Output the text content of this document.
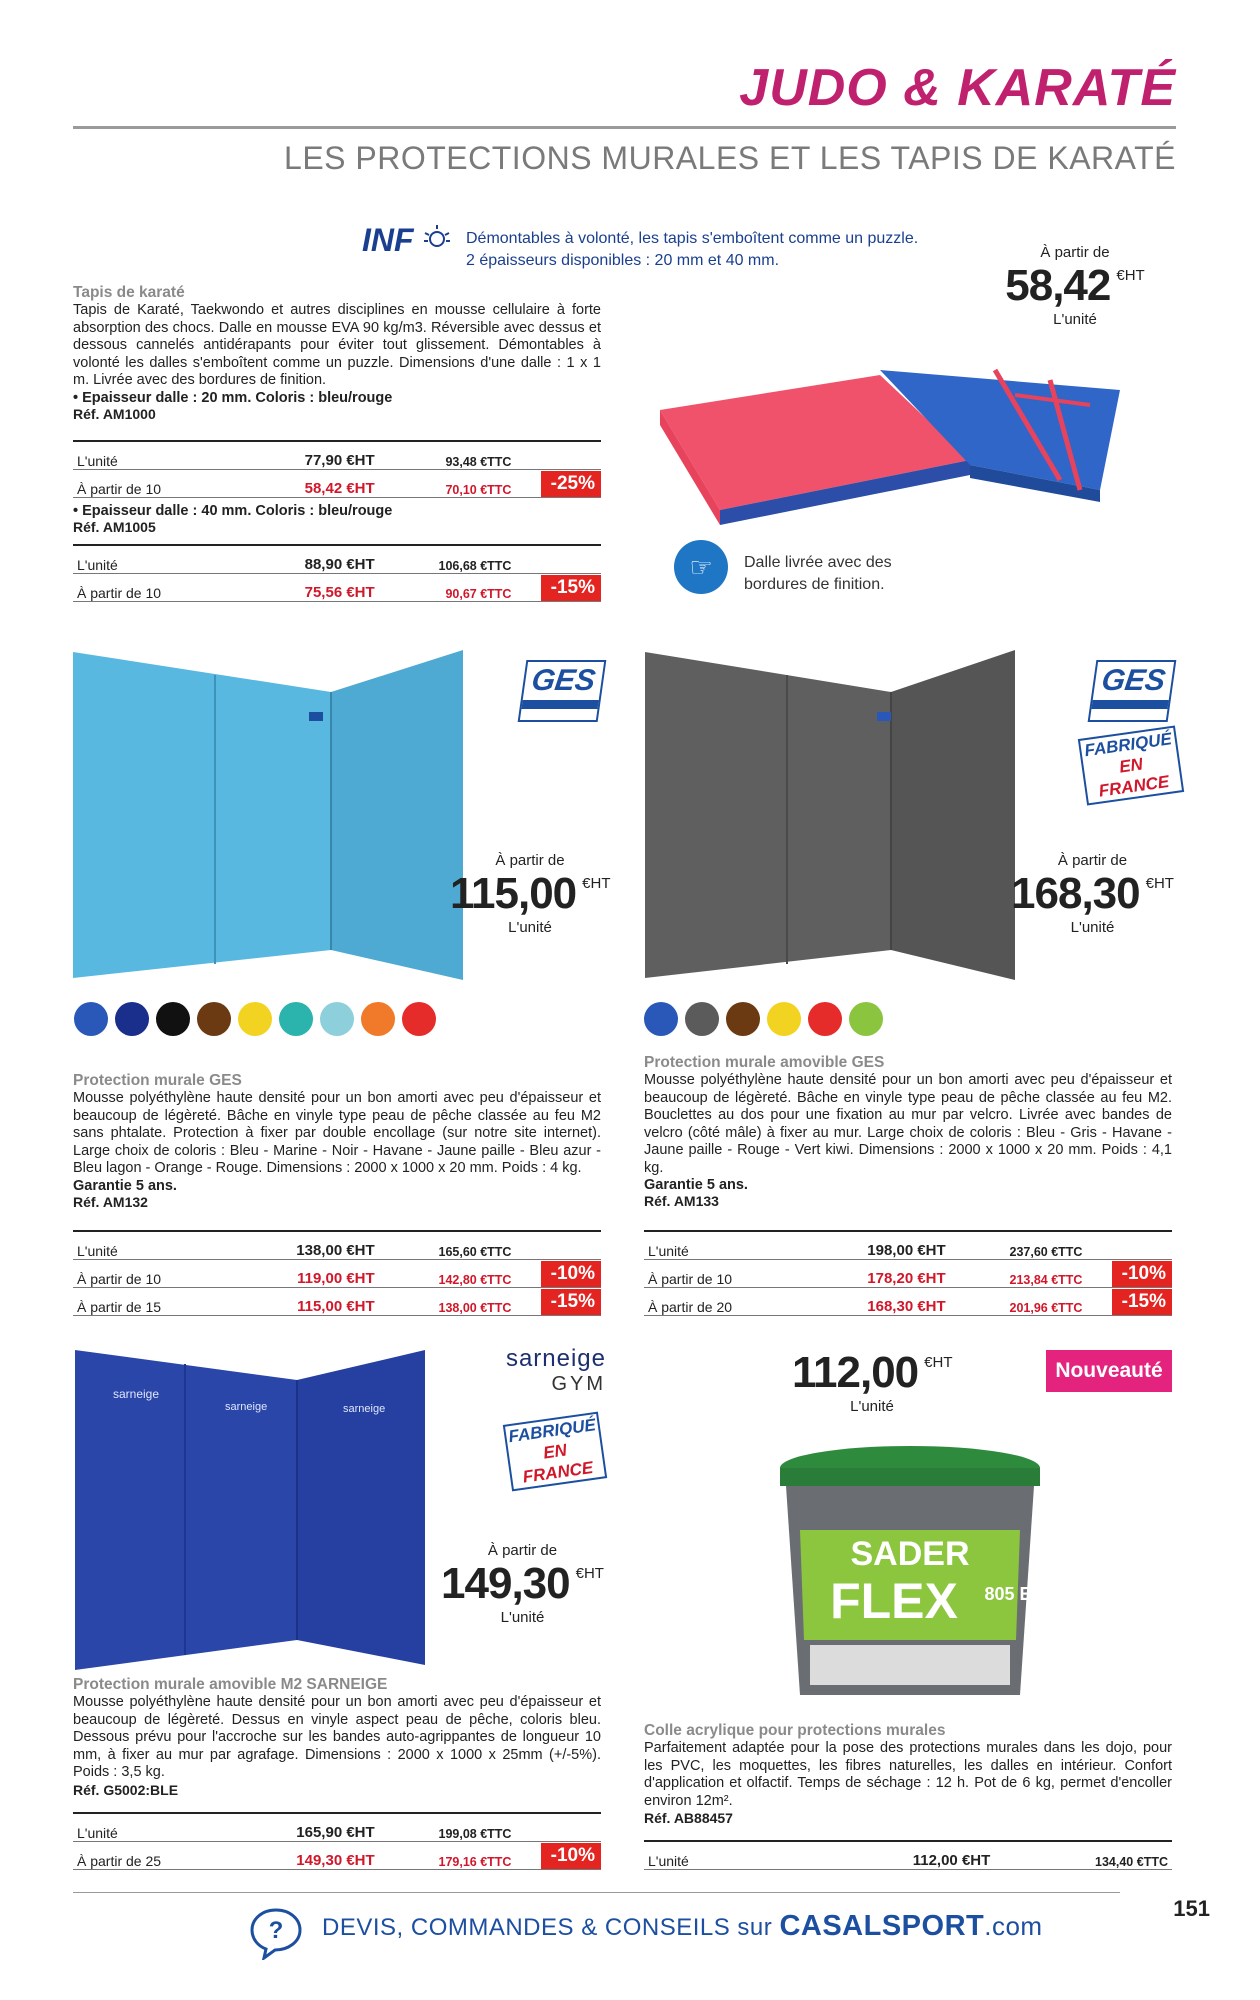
JUDO & KARATÉ
LES PROTECTIONS MURALES ET LES TAPIS DE KARATÉ
INF	Démontables à volonté, les tapis s'emboîtent comme un puzzle.
2 épaisseurs disponibles : 20 mm et 40 mm.	À partir de
58,42 €HT
L'unité
☞	Dalle livrée avec des
bordures de finition.
Tapis de karaté
Tapis de Karaté, Taekwondo et autres disciplines en mousse cellulaire à forte absorption des chocs. Dalle en mousse EVA 90 kg/m3. Réversible avec dessus et dessous cannelés antidérapants pour éviter tout glissement. Démontables à volonté les dalles s'emboîtent comme un puzzle. Dimensions d'une dalle : 1 x 1 m. Livrée avec des bordures de finition.
• Epaisseur dalle : 20 mm. Coloris : bleu/rouge
Réf. AM1000
L'unité	77,90 €HT	93,48 €TTC	
À partir de 10	58,42 €HT	70,10 €TTC	-25%
• Epaisseur dalle : 40 mm. Coloris : bleu/rouge
Réf. AM1005
L'unité	88,90 €HT	106,68 €TTC	
À partir de 10	75,56 €HT	90,67 €TTC	-15%
GES

À partir de
115,00 €HT
L'unité
Protection murale GES
Mousse polyéthylène haute densité pour un bon amorti avec peu d'épaisseur et beaucoup de légèreté. Bâche en vinyle type peau de pêche classée au feu M2 sans phtalate. Protection à fixer par double encollage (sur notre site internet). Large choix de coloris : Bleu - Marine - Noir - Havane - Jaune paille - Bleu azur - Bleu lagon - Orange - Rouge. Dimensions : 2000 x 1000 x 20 mm. Poids : 4 kg.
Garantie 5 ans.
Réf. AM132
L'unité	138,00 €HT	165,60 €TTC	
À partir de 10	119,00 €HT	142,80 €TTC	-10%
À partir de 15	115,00 €HT	138,00 €TTC	-15%
GES

FABRIQUÉ
EN FRANCE
À partir de
168,30 €HT
L'unité
Protection murale amovible GES
Mousse polyéthylène haute densité pour un bon amorti avec peu d'épaisseur et beaucoup de légèreté. Bâche en vinyle type peau de pêche classée au feu M2. Bouclettes au dos pour une fixation au mur par velcro. Livrée avec bandes de velcro (côté mâle) à fixer au mur. Large choix de coloris : Bleu - Gris - Havane - Jaune paille - Rouge - Vert kiwi. Dimensions : 2000 x 1000 x 20 mm. Poids : 4,1 kg.
Garantie 5 ans.
Réf. AM133
L'unité	198,00 €HT	237,60 €TTC	
À partir de 10	178,20 €HT	213,84 €TTC	-10%
À partir de 20	168,30 €HT	201,96 €TTC	-15%
sarneige
sarneige	sarneige
sarneige
GYM
FABRIQUÉ
EN FRANCE
À partir de
149,30 €HT
L'unité
Protection murale amovible M2 SARNEIGE
Mousse polyéthylène haute densité pour un bon amorti avec peu d'épaisseur et beaucoup de légèreté. Dessus en vinyle aspect peau de pêche, coloris bleu. Dessous prévu pour l'accroche sur les bandes auto-agrippantes de longueur 10 mm, à fixer au mur par agrafage. Dimensions : 2000 x 1000 x 25mm (+/-5%). Poids : 3,5 kg.
Réf. G5002:BLE
L'unité	165,90 €HT	199,08 €TTC	
À partir de 25	149,30 €HT	179,16 €TTC	-10%
Nouveauté
112,00 €HT
L'unité
SADER
FLEX 805 E
Colle acrylique pour protections murales
Parfaitement adaptée pour la pose des protections murales dans les dojo, pour les PVC, les moquettes, les fibres naturelles, les dalles en intérieur. Confort d'application et olfactif. Temps de séchage : 12 h. Pot de 6 kg, permet d'encoller environ 12m².
Réf. AB88457
L'unité	112,00 €HT	134,40 €TTC
? DEVIS, COMMANDES & CONSEILS sur CASALSPORT.com
151
